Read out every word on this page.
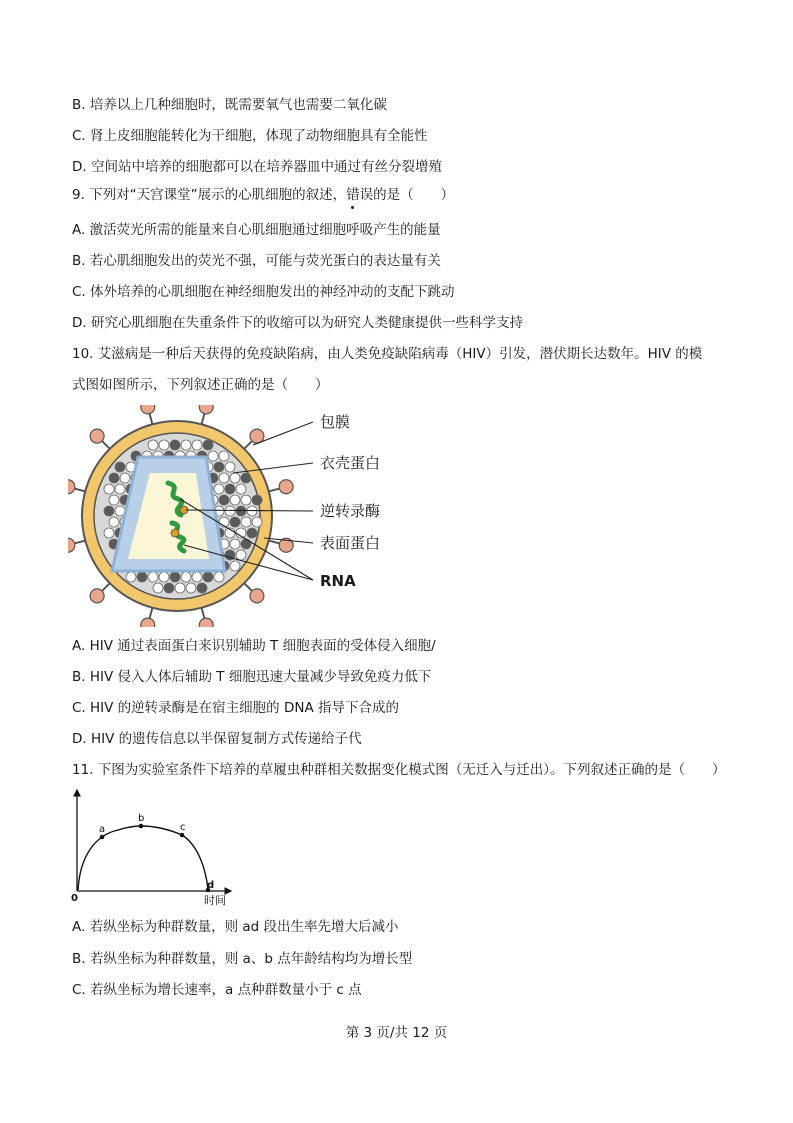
B. 培养以上几种细胞时，既需要氧气也需要二氧化碳
C. 肾上皮细胞能转化为干细胞，体现了动物细胞具有全能性
D. 空间站中培养的细胞都可以在培养器皿中通过有丝分裂增殖
9. 下列对“天宫课堂”展示的心肌细胞的叙述，错误的是（　　）
A. 激活荧光所需的能量来自心肌细胞通过细胞呼吸产生的能量
B. 若心肌细胞发出的荧光不强，可能与荧光蛋白的表达量有关
C. 体外培养的心肌细胞在神经细胞发出的神经冲动的支配下跳动
D. 研究心肌细胞在失重条件下的收缩可以为研究人类健康提供一些科学支持
10. 艾滋病是一种后天获得的免疫缺陷病，由人类免疫缺陷病毒（HIV）引发，潜伏期长达数年。HIV 的模
式图如图所示，下列叙述正确的是（　　）
包膜
衣壳蛋白
逆转录酶
表面蛋白
RNA
A. HIV 通过表面蛋白来识别辅助 T 细胞表面的受体侵入细胞/
B. HIV 侵入人体后辅助 T 细胞迅速大量减少导致免疫力低下
C. HIV 的逆转录酶是在宿主细胞的 DNA 指导下合成的
D. HIV 的遗传信息以半保留复制方式传递给子代
11. 下图为实验室条件下培养的草履虫种群相关数据变化模式图（无迁入与迁出）。下列叙述正确的是（　　）
a
b
c
d
0	时间
A. 若纵坐标为种群数量，则 ad 段出生率先增大后减小
B. 若纵坐标为种群数量，则 a、b 点年龄结构均为增长型
C. 若纵坐标为增长速率，a 点种群数量小于 c 点
第 3 页/共 12 页
